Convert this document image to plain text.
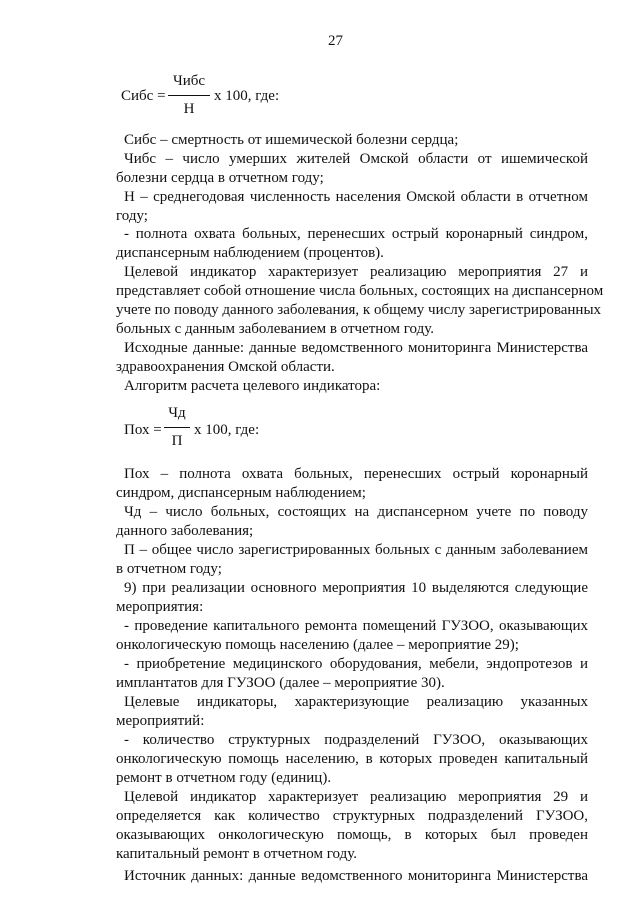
27
Сибс =
Чибс
Н
х 100, где:
Сибс – смертность от ишемической болезни сердца;
Чибс – число умерших жителей Омской области от ишемической
болезни сердца в отчетном году;
Н – среднегодовая численность населения Омской области в отчетном
году;
- полнота охвата больных, перенесших острый коронарный синдром,
диспансерным наблюдением (процентов).
Целевой индикатор характеризует реализацию мероприятия 27 и
представляет собой отношение числа больных, состоящих на диспансерном
учете по поводу данного заболевания, к общему числу зарегистрированных
больных с данным заболеванием в отчетном году.
Исходные данные: данные ведомственного мониторинга Министерства
здравоохранения Омской области.
Алгоритм расчета целевого индикатора:
Пох =
Чд
П
х 100, где:
Пох – полнота охвата больных, перенесших острый коронарный
синдром, диспансерным наблюдением;
Чд – число больных, состоящих на диспансерном учете по поводу
данного заболевания;
П – общее число зарегистрированных больных с данным заболеванием
в отчетном году;
9) при реализации основного мероприятия 10 выделяются следующие
мероприятия:
- проведение капитального ремонта помещений ГУЗОО, оказывающих
онкологическую помощь населению (далее – мероприятие 29);
- приобретение медицинского оборудования, мебели, эндопротезов и
имплантатов для ГУЗОО (далее – мероприятие 30).
Целевые индикаторы, характеризующие реализацию указанных
мероприятий:
- количество структурных подразделений ГУЗОО, оказывающих
онкологическую помощь населению, в которых проведен капитальный
ремонт в отчетном году (единиц).
Целевой индикатор характеризует реализацию мероприятия 29 и
определяется как количество структурных подразделений ГУЗОО,
оказывающих онкологическую помощь, в которых был проведен
капитальный ремонт в отчетном году.
Источник данных: данные ведомственного мониторинга Министерства
